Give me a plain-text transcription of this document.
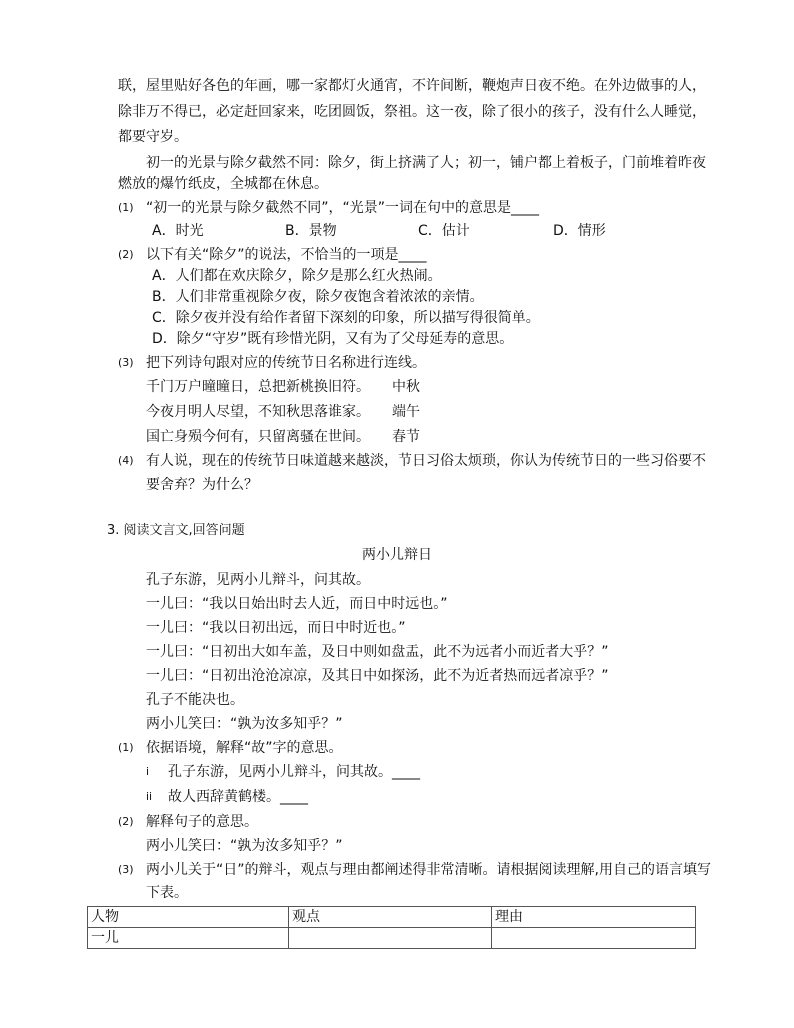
联，屋里贴好各色的年画，哪一家都灯火通宵，不许间断，鞭炮声日夜不绝。在外边做事的人，
除非万不得已，必定赶回家来，吃团圆饭，祭祖。这一夜，除了很小的孩子，没有什么人睡觉，
都要守岁。
初一的光景与除夕截然不同：除夕，街上挤满了人；初一，铺户都上着板子，门前堆着昨夜
燃放的爆竹纸皮，全城都在休息。
(1) “初一的光景与除夕截然不同”，“光景”一词在句中的意思是____
A．时光	B．景物	C．估计	D．情形
(2) 以下有关“除夕”的说法，不恰当的一项是____
A．人们都在欢庆除夕，除夕是那么红火热闹。
B．人们非常重视除夕夜，除夕夜饱含着浓浓的亲情。
C．除夕夜并没有给作者留下深刻的印象，所以描写得很简单。
D．除夕“守岁”既有珍惜光阴，又有为了父母延寿的意思。
(3) 把下列诗句跟对应的传统节日名称进行连线。
千门万户曈曈日，总把新桃换旧符。 中秋
今夜月明人尽望，不知秋思落谁家。 端午
国亡身殒今何有，只留离骚在世间。 春节
(4) 有人说，现在的传统节日味道越来越淡，节日习俗太烦琐，你认为传统节日的一些习俗要不
要舍弃？为什么？
3. 阅读文言文,回答问题
两小儿辩日
孔子东游，见两小儿辩斗，问其故。
一儿曰：“我以日始出时去人近，而日中时远也。”
一儿曰：“我以日初出远，而日中时近也。”
一儿曰：“日初出大如车盖，及日中则如盘盂，此不为远者小而近者大乎？”
一儿曰：“日初出沧沧凉凉，及其日中如探汤，此不为近者热而远者凉乎？”
孔子不能决也。
两小儿笑曰：“孰为汝多知乎？”
(1) 依据语境，解释“故”字的意思。
i 孔子东游，见两小儿辩斗，问其故。____
ii 故人西辞黄鹤楼。____
(2) 解释句子的意思。
两小儿笑曰：“孰为汝多知乎？”
(3) 两小儿关于“日”的辩斗，观点与理由都阐述得非常清晰。请根据阅读理解,用自己的语言填写
下表。
人物	观点	理由
一儿		
